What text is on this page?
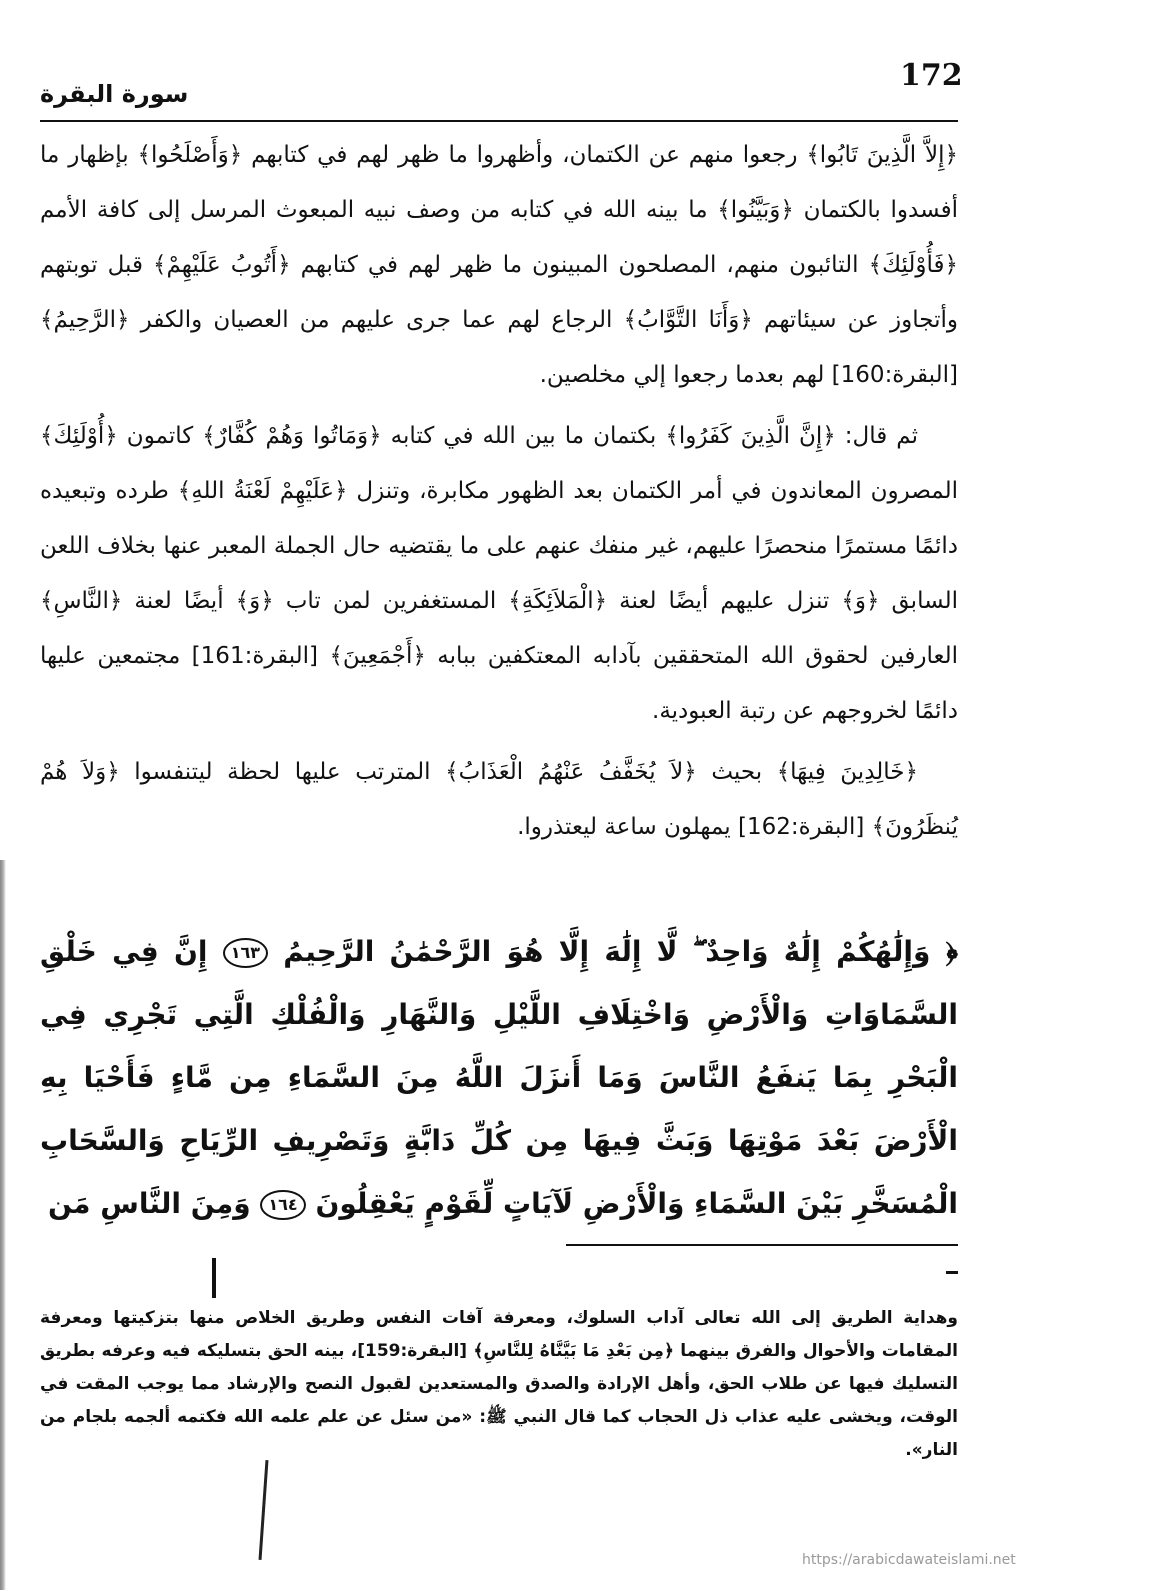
172
سورة البقرة

﴿إِلاَّ الَّذِينَ تَابُوا﴾ رجعوا منهم عن الكتمان، وأظهروا ما ظهر لهم في كتابهم ﴿وَأَصْلَحُوا﴾ بإظهار ما أفسدوا بالكتمان ﴿وَبَيَّنُوا﴾ ما بينه الله في كتابه من وصف نبيه المبعوث المرسل إلى كافة الأمم ﴿فَأُوْلَئِكَ﴾ التائبون منهم، المصلحون المبينون ما ظهر لهم في كتابهم ﴿أَتُوبُ عَلَيْهِمْ﴾ قبل توبتهم وأتجاوز عن سيئاتهم ﴿وَأَنَا التَّوَّابُ﴾ الرجاع لهم عما جرى عليهم من العصيان والكفر ﴿الرَّحِيمُ﴾ [البقرة:160] لهم بعدما رجعوا إلي مخلصين.

ثم قال: ﴿إِنَّ الَّذِينَ كَفَرُوا﴾ بكتمان ما بين الله في كتابه ﴿وَمَاتُوا وَهُمْ كُفَّارٌ﴾ كاتمون ﴿أُوْلَئِكَ﴾ المصرون المعاندون في أمر الكتمان بعد الظهور مكابرة، وتنزل ﴿عَلَيْهِمْ لَعْنَةُ اللهِ﴾ طرده وتبعيده دائمًا مستمرًا منحصرًا عليهم، غير منفك عنهم على ما يقتضيه حال الجملة المعبر عنها بخلاف اللعن السابق ﴿وَ﴾ تنزل عليهم أيضًا لعنة ﴿الْمَلاَئِكَةِ﴾ المستغفرين لمن تاب ﴿وَ﴾ أيضًا لعنة ﴿النَّاسِ﴾ العارفين لحقوق الله المتحققين بآدابه المعتكفين ببابه ﴿أَجْمَعِينَ﴾ [البقرة:161] مجتمعين عليها دائمًا لخروجهم عن رتبة العبودية.

﴿خَالِدِينَ فِيهَا﴾ بحيث ﴿لاَ يُخَفَّفُ عَنْهُمُ الْعَذَابُ﴾ المترتب عليها لحظة ليتنفسوا ﴿وَلاَ هُمْ يُنظَرُونَ﴾ [البقرة:162] يمهلون ساعة ليعتذروا.

﴿ وَإِلَٰهُكُمْ إِلَٰهٌ وَاحِدٌ ۖ لَّا إِلَٰهَ إِلَّا هُوَ الرَّحْمَٰنُ الرَّحِيمُ ١٦٣ إِنَّ فِي خَلْقِ السَّمَاوَاتِ وَالْأَرْضِ وَاخْتِلَافِ اللَّيْلِ وَالنَّهَارِ وَالْفُلْكِ الَّتِي تَجْرِي فِي الْبَحْرِ بِمَا يَنفَعُ النَّاسَ وَمَا أَنزَلَ اللَّهُ مِنَ السَّمَاءِ مِن مَّاءٍ فَأَحْيَا بِهِ الْأَرْضَ بَعْدَ مَوْتِهَا وَبَثَّ فِيهَا مِن كُلِّ دَابَّةٍ وَتَصْرِيفِ الرِّيَاحِ وَالسَّحَابِ الْمُسَخَّرِ بَيْنَ السَّمَاءِ وَالْأَرْضِ لَآيَاتٍ لِّقَوْمٍ يَعْقِلُونَ ١٦٤ وَمِنَ النَّاسِ مَن
وهداية الطريق إلى الله تعالى آداب السلوك، ومعرفة آفات النفس وطريق الخلاص منها بتزكيتها ومعرفة المقامات والأحوال والفرق بينهما ﴿مِن بَعْدِ مَا بَيَّنَّاهُ لِلنَّاسِ﴾ [البقرة:159]، بينه الحق بتسليكه فيه وعرفه بطريق التسليك فيها عن طلاب الحق، وأهل الإرادة والصدق والمستعدين لقبول النصح والإرشاد مما يوجب المقت في الوقت، ويخشى عليه عذاب ذل الحجاب كما قال النبي ﷺ: «من سئل عن علم علمه الله فكتمه ألجمه بلجام من النار».
https://arabicdawateislami.net
